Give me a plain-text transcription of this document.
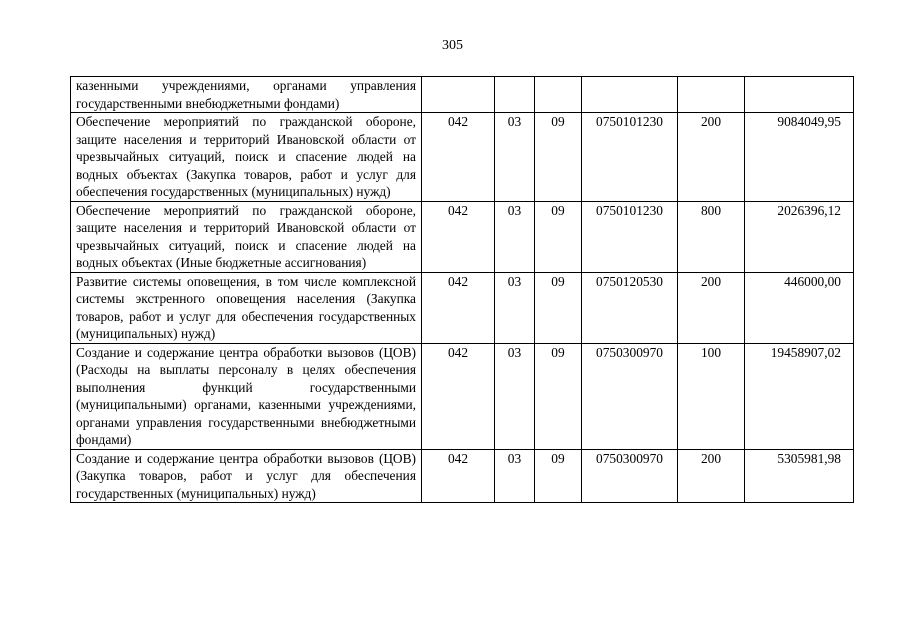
305
казенными учреждениями, органами управления государственными внебюджетными фондами)						
Обеспечение мероприятий по гражданской обороне, защите населения и территорий Ивановской области от чрезвычайных ситуаций, поиск и спасение людей на водных объектах (Закупка товаров, работ и услуг для обеспечения государственных (муниципальных) нужд)	042	03	09	0750101230	200	9084049,95
Обеспечение мероприятий по гражданской обороне, защите населения и территорий Ивановской области от чрезвычайных ситуаций, поиск и спасение людей на водных объектах (Иные бюджетные ассигнования)	042	03	09	0750101230	800	2026396,12
Развитие системы оповещения, в том числе комплексной системы экстренного оповещения населения (Закупка товаров, работ и услуг для обеспечения государственных (муниципальных) нужд)	042	03	09	0750120530	200	446000,00
Создание и содержание центра обработки вызовов (ЦОВ) (Расходы на выплаты персоналу в целях обеспечения выполнения функций государственными (муниципальными) органами, казенными учреждениями, органами управления государственными внебюджетными фондами)	042	03	09	0750300970	100	19458907,02
Создание и содержание центра обработки вызовов (ЦОВ) (Закупка товаров, работ и услуг для обеспечения государственных (муниципальных) нужд)	042	03	09	0750300970	200	5305981,98
